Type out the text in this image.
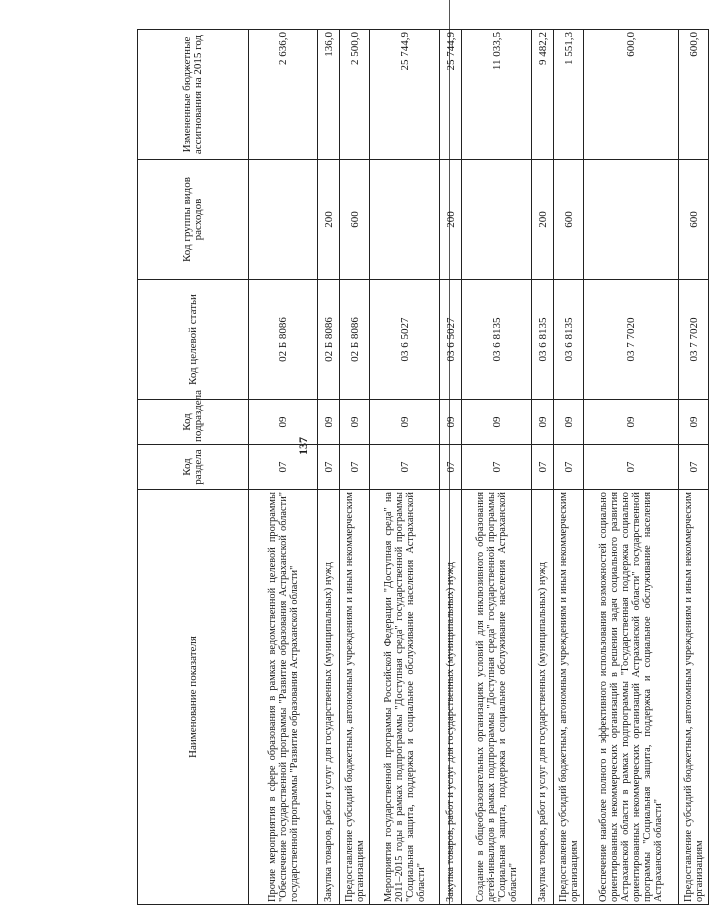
137
Наименование показателя	Код раздела	Код подраздела	Код целевой статьи	Код группы видов расходов	Измененные бюджетные ассигнования на 2015 год
Прочие мероприятия в сфере образования в рамках ведомственной целевой программы "Обеспечение государственной программы "Развитие образования Астраханской области" государственной программы "Развитие образования Астраханской области"	07	09	02 Б 8086		2 636,0
Закупка товаров, работ и услуг для государственных (муниципальных) нужд	07	09	02 Б 8086	200	136,0
Предоставление субсидий бюджетным, автономным учреждениям и иным некоммерческим организациям	07	09	02 Б 8086	600	2 500,0
Мероприятия государственной программы Российской Федерации "Доступная среда" на 2011–2015 годы в рамках подпрограммы "Доступная среда" государственной программы "Социальная защита, поддержка и социальное обслуживание населения Астраханской области"	07	09	03 6 5027		25 744,9
Закупка товаров, работ и услуг для государственных (муниципальных) нужд	07	09	03 6 5027	200	25 744,9
Создание в общеобразовательных организациях условий для инклюзивного образования детей-инвалидов в рамках подпрограммы "Доступная среда" государственной программы "Социальная защита, поддержка и социальное обслуживание населения Астраханской области"	07	09	03 6 8135		11 033,5
Закупка товаров, работ и услуг для государственных (муниципальных) нужд	07	09	03 6 8135	200	9 482,2
Предоставление субсидий бюджетным, автономным учреждениям и иным некоммерческим организациям	07	09	03 6 8135	600	1 551,3
Обеспечение наиболее полного и эффективного использования возможностей социально ориентированных некоммерческих организаций в решении задач социального развития Астраханской области в рамках подпрограммы "Государственная поддержка социально ориентированных некоммерческих организаций Астраханской области" государственной программы "Социальная защита, поддержка и социальное обслуживание населения Астраханской области"	07	09	03 7 7020		600,0
Предоставление субсидий бюджетным, автономным учреждениям и иным некоммерческим организациям	07	09	03 7 7020	600	600,0
